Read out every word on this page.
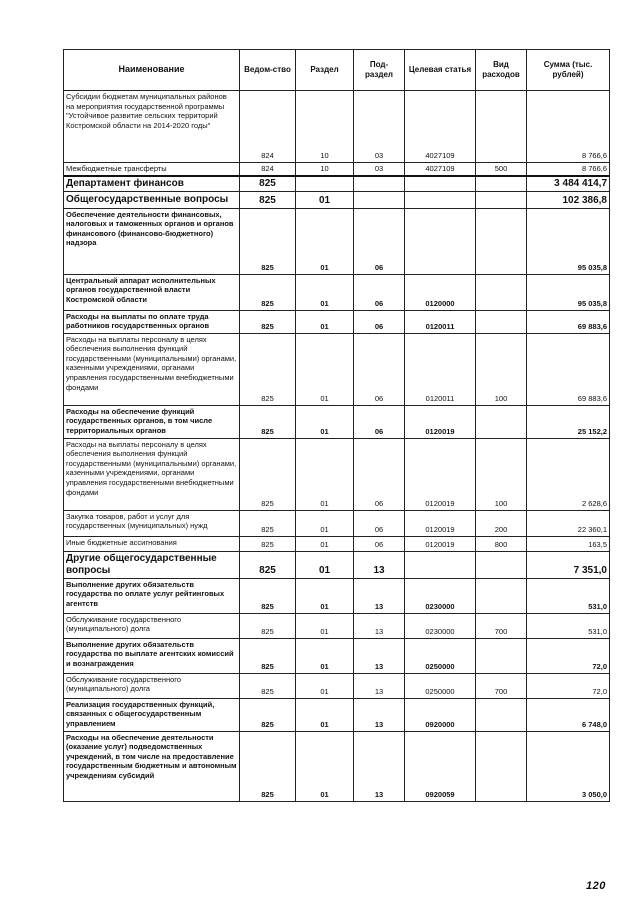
Наименование	Ведом-ство	Раздел	Под-раздел	Целевая статья	Вид расходов	Сумма (тыс. рублей)
Субсидии бюджетам муниципальных районов на мероприятия государственной программы "Устойчивое развитие сельских территорий Костромской области на 2014-2020 годы"	824	10	03	4027109		8 766,6
Межбюджетные трансферты	824	10	03	4027109	500	8 766,6
Департамент финансов	825					3 484 414,7
Общегосударственные вопросы	825	01				102 386,8
Обеспечение деятельности финансовых, налоговых и таможенных органов и органов финансового (финансово-бюджетного) надзора	825	01	06			95 035,8
Центральный аппарат исполнительных органов государственной власти Костромской области	825	01	06	0120000		95 035,8
Расходы на выплаты по оплате труда работников государственных органов	825	01	06	0120011		69 883,6
Расходы на выплаты персоналу в целях обеспечения выполнения функций государственными (муниципальными) органами, казенными учреждениями, органами управления государственными внебюджетными фондами	825	01	06	0120011	100	69 883,6
Расходы на обеспечение функций государственных органов, в том числе территориальных органов	825	01	06	0120019		25 152,2
Расходы на выплаты персоналу в целях обеспечения выполнения функций государственными (муниципальными) органами, казенными учреждениями, органами управления государственными внебюджетными фондами	825	01	06	0120019	100	2 628,6
Закупка товаров, работ и услуг для государственных (муниципальных) нужд	825	01	06	0120019	200	22 360,1
Иные бюджетные ассигнования	825	01	06	0120019	800	163,5
Другие общегосударственные вопросы	825	01	13			7 351,0
Выполнение других обязательств государства по оплате услуг рейтинговых агентств	825	01	13	0230000		531,0
Обслуживание государственного (муниципального) долга	825	01	13	0230000	700	531,0
Выполнение других обязательств государства по выплате агентских комиссий и вознаграждения	825	01	13	0250000		72,0
Обслуживание государственного (муниципального) долга	825	01	13	0250000	700	72,0
Реализация государственных функций, связанных с общегосударственным управлением	825	01	13	0920000		6 748,0
Расходы на обеспечение деятельности (оказание услуг) подведомственных учреждений, в том числе на предоставление государственным бюджетным и автономным учреждениям субсидий	825	01	13	0920059		3 050,0
120
